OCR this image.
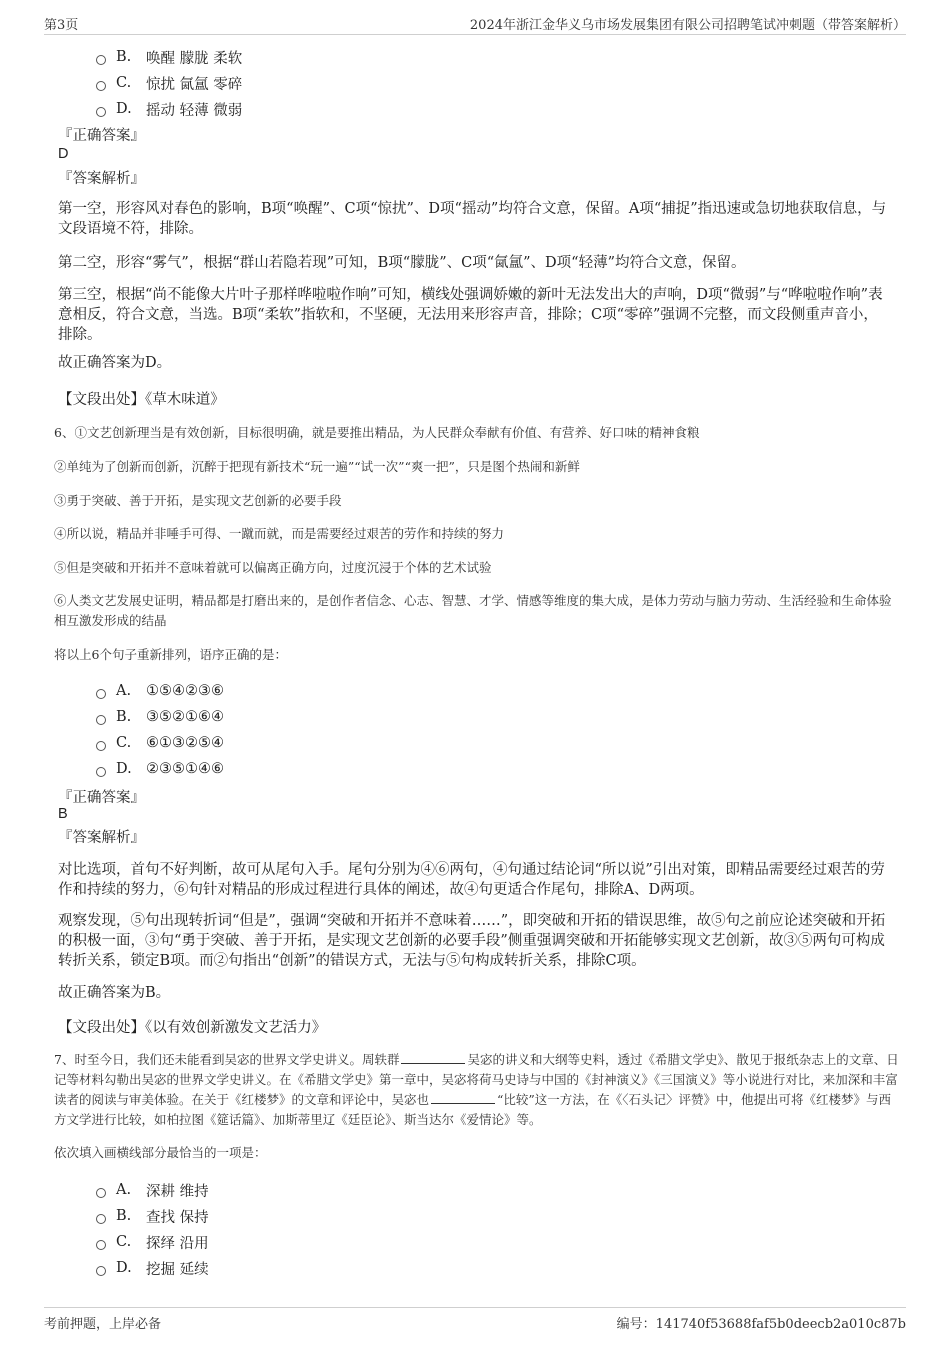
第3页	2024年浙江金华义乌市场发展集团有限公司招聘笔试冲刺题（带答案解析）
B.	唤醒 朦胧 柔软
C.	惊扰 氤氲 零碎
D. 摇动 轻薄 微弱
『正确答案』
D
『答案解析』

第一空，形容风对春色的影响，B项“唤醒”、C项“惊扰”、D项“摇动”均符合文意，保留。A项“捕捉”指迅速或急切地获取信息，与文段语境不符，排除。

第二空，形容“雾气”，根据“群山若隐若现”可知，B项“朦胧”、C项“氤氲”、D项“轻薄”均符合文意，保留。

第三空，根据“尚不能像大片叶子那样哗啦啦作响”可知，横线处强调娇嫩的新叶无法发出大的声响，D项“微弱”与“哗啦啦作响”表意相反，符合文意，当选。B项“柔软”指软和，不坚硬，无法用来形容声音，排除；C项“零碎”强调不完整，而文段侧重声音小，排除。

故正确答案为D。

【文段出处】《草木味道》

6、①文艺创新理当是有效创新，目标很明确，就是要推出精品，为人民群众奉献有价值、有营养、好口味的精神食粮

②单纯为了创新而创新，沉醉于把现有新技术“玩一遍”“试一次”“爽一把”，只是图个热闹和新鲜

③勇于突破、善于开拓，是实现文艺创新的必要手段

④所以说，精品并非唾手可得、一蹴而就，而是需要经过艰苦的劳作和持续的努力

⑤但是突破和开拓并不意味着就可以偏离正确方向，过度沉浸于个体的艺术试验

⑥人类文艺发展史证明，精品都是打磨出来的，是创作者信念、心志、智慧、才学、情感等维度的集大成，是体力劳动与脑力劳动、生活经验和生命体验相互激发形成的结晶

将以上6个句子重新排列，语序正确的是：

A.	①⑤④②③⑥
B.	③⑤②①⑥④
C.	⑥①③②⑤④
D. ②③⑤①④⑥
『正确答案』
B
『答案解析』

对比选项，首句不好判断，故可从尾句入手。尾句分别为④⑥两句，④句通过结论词“所以说”引出对策，即精品需要经过艰苦的劳作和持续的努力，⑥句针对精品的形成过程进行具体的阐述，故④句更适合作尾句，排除A、D两项。

观察发现，⑤句出现转折词“但是”，强调“突破和开拓并不意味着……”，即突破和开拓的错误思维，故⑤句之前应论述突破和开拓的积极一面，③句“勇于突破、善于开拓，是实现文艺创新的必要手段”侧重强调突破和开拓能够实现文艺创新，故③⑤两句可构成转折关系，锁定B项。而②句指出“创新”的错误方式，无法与⑤句构成转折关系，排除C项。

故正确答案为B。

【文段出处】《以有效创新激发文艺活力》

7、时至今日，我们还未能看到吴宓的世界文学史讲义。周轶群	吴宓的讲义和大纲等史料，透过《希腊文学史》、散见于报纸杂志上的文章、日记等材料勾勒出吴宓的世界文学史讲义。在《希腊文学史》第一章中，吴宓将荷马史诗与中国的《封神演义》《三国演义》等小说进行对比，来加深和丰富读者的阅读与审美体验。在关于《红楼梦》的文章和评论中，吴宓也	“比较”这一方法，在《〈石头记〉评赞》中，他提出可将《红楼梦》与西方文学进行比较，如柏拉图《筵话篇》、加斯蒂里辽《廷臣论》、斯当达尔《爱情论》等。

依次填入画横线部分最恰当的一项是：

A.	深耕 维持
B.	查找 保持
C.	探绎 沿用
D. 挖掘 延续
考前押题，上岸必备	编号：141740f53688faf5b0deecb2a010c87b
